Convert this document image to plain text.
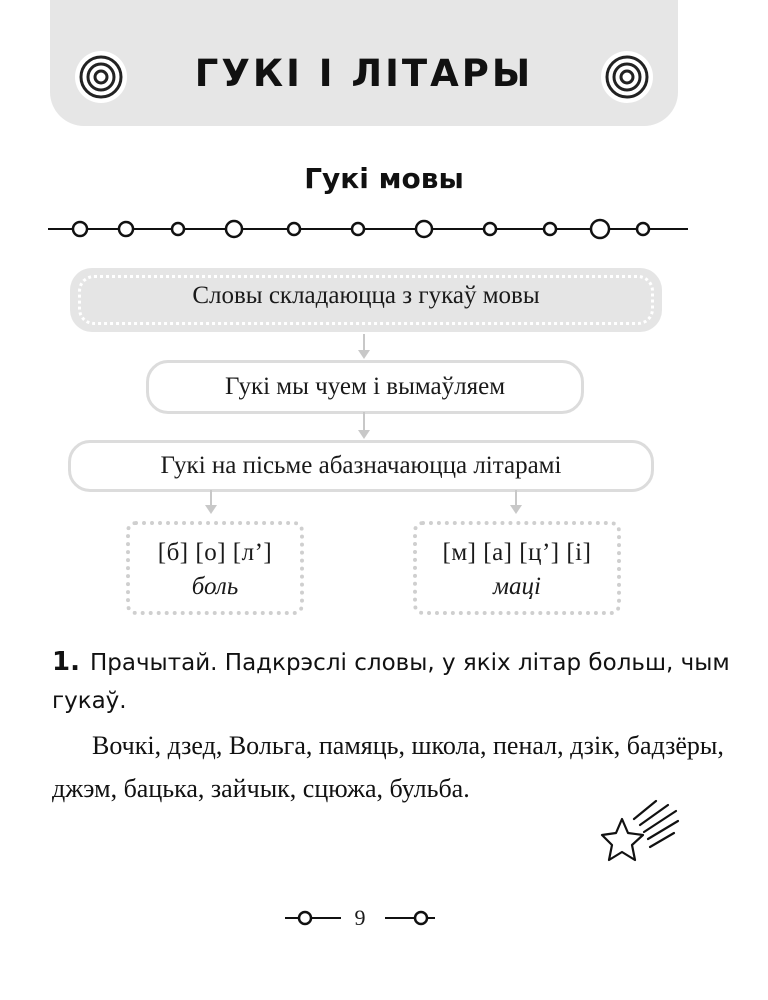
ГУКІ І ЛІТАРЫ
Гукі мовы
Словы складаюцца з гукаў мовы
Гукі мы чуем і вымаўляем
Гукі на пісьме абазначаюцца літарамі
[б] [о] [л’]
боль
[м] [а] [ц’] [і]
маці
1. Прачытай. Падкрэслі словы, у якіх літар больш, чым гукаў.
Вочкі, дзед, Вольга, памяць, школа, пенал, дзік, бадзёры, джэм, бацька, зайчык, сцюжа, бульба.
9
